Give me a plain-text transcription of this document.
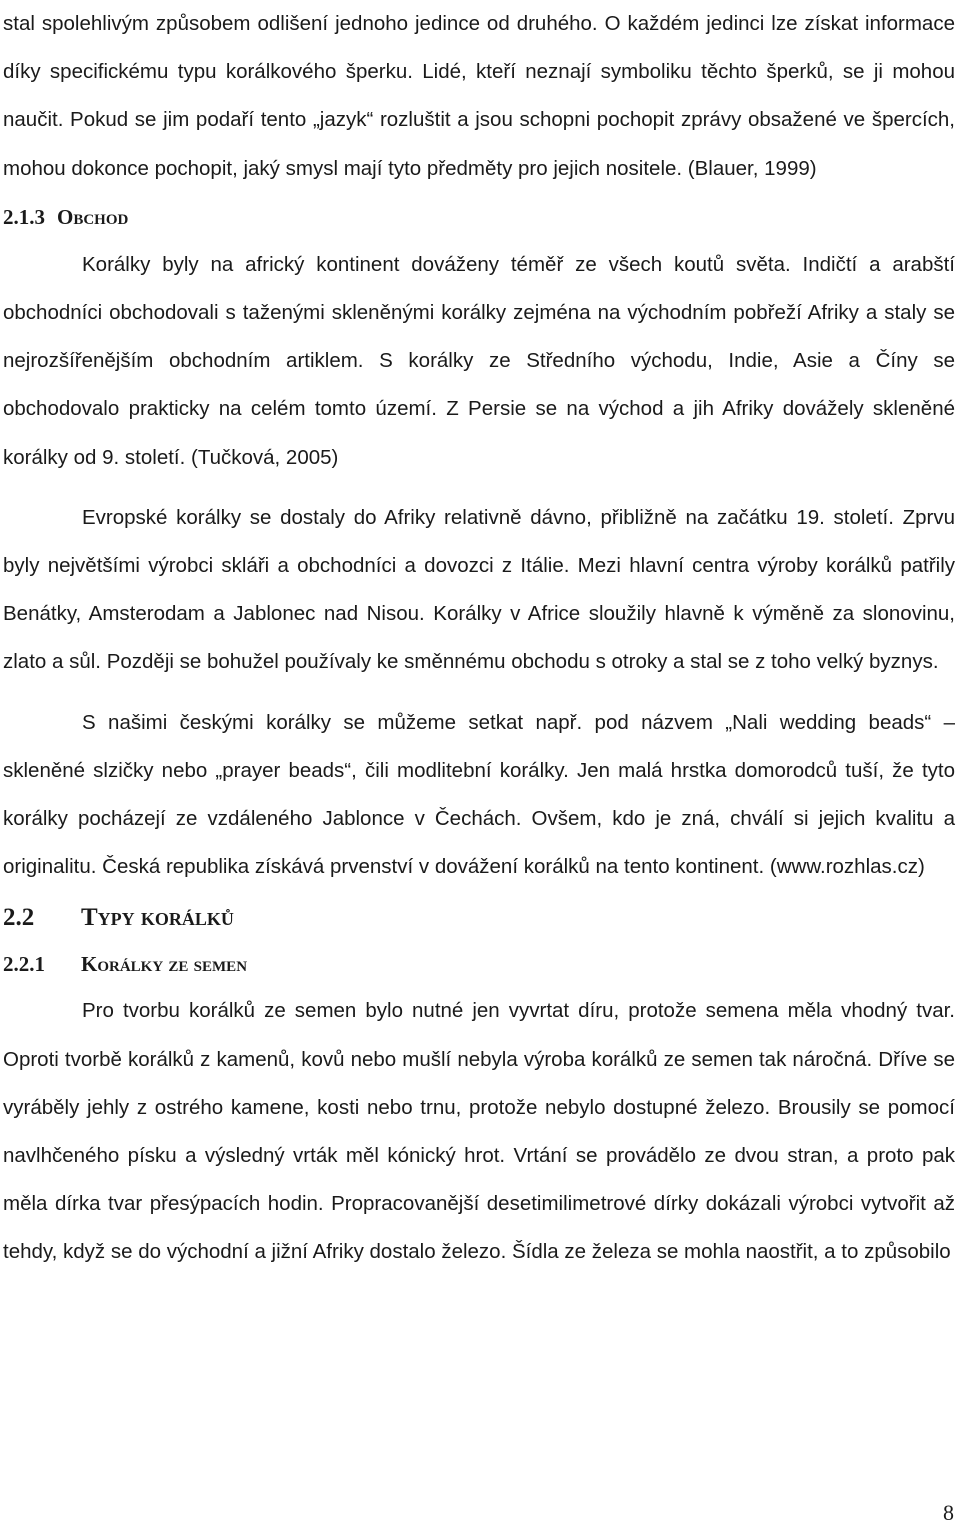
stal spolehlivým způsobem odlišení jednoho jedince od druhého. O každém jedinci lze získat informace díky specifickému typu korálkového šperku. Lidé, kteří neznají symboliku těchto šperků, se ji mohou naučit. Pokud se jim podaří tento „jazyk“ rozluštit a jsou schopni pochopit zprávy obsažené ve špercích, mohou dokonce pochopit, jaký smysl mají tyto předměty pro jejich nositele. (Blauer, 1999)

2.1.3 Obchod

Korálky byly na africký kontinent dováženy téměř ze všech koutů světa. Indičtí a arabští obchodníci obchodovali s taženými skleněnými korálky zejména na východním pobřeží Afriky a staly se nejrozšířenějším obchodním artiklem. S korálky ze Středního východu, Indie, Asie a Číny se obchodovalo prakticky na celém tomto území. Z Persie se na východ a jih Afriky dovážely skleněné korálky od 9. století. (Tučková, 2005)

Evropské korálky se dostaly do Afriky relativně dávno, přibližně na začátku 19. století. Zprvu byly největšími výrobci skláři a obchodníci a dovozci z Itálie. Mezi hlavní centra výroby korálků patřily Benátky, Amsterodam a Jablonec nad Nisou. Korálky v Africe sloužily hlavně k výměně za slonovinu, zlato a sůl. Později se bohužel používaly ke směnnému obchodu s otroky a stal se z toho velký byznys.

S našimi českými korálky se můžeme setkat např. pod názvem „Nali wedding beads“ – skleněné slzičky nebo „prayer beads“, čili modlitební korálky. Jen malá hrstka domorodců tuší, že tyto korálky pocházejí ze vzdáleného Jablonce v Čechách. Ovšem, kdo je zná, chválí si jejich kvalitu a originalitu. Česká republika získává prvenství v dovážení korálků na tento kontinent. (www.rozhlas.cz)

2.2	Typy korálků
2.2.1	Korálky ze semen

Pro tvorbu korálků ze semen bylo nutné jen vyvrtat díru, protože semena měla vhodný tvar. Oproti tvorbě korálků z kamenů, kovů nebo mušlí nebyla výroba korálků ze semen tak náročná. Dříve se vyráběly jehly z ostrého kamene, kosti nebo trnu, protože nebylo dostupné železo. Brousily se pomocí navlhčeného písku a výsledný vrták měl kónický hrot. Vrtání se provádělo ze dvou stran, a proto pak měla dírka tvar přesýpacích hodin. Propracovanější desetimilimetrové dírky dokázali výrobci vytvořit až tehdy, když se do východní a jižní Afriky dostalo železo. Šídla ze železa se mohla naostřit, a to způsobilo

8
